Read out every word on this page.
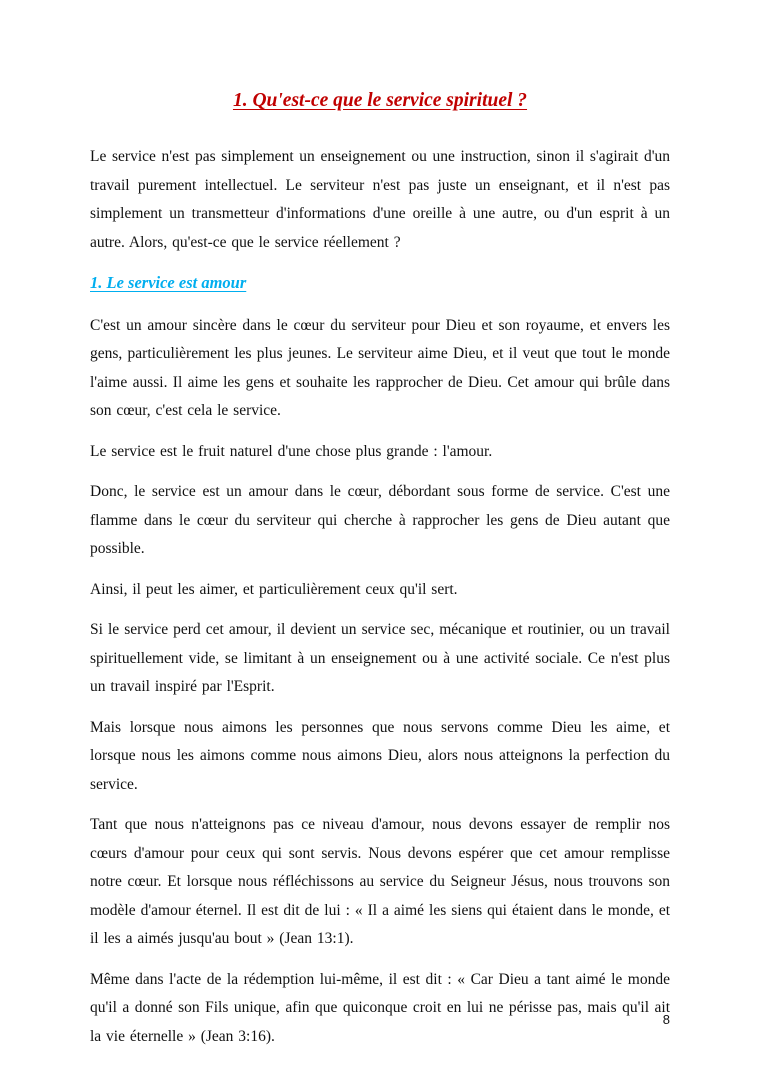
1. Qu'est-ce que le service spirituel ?

Le service n'est pas simplement un enseignement ou une instruction, sinon il s'agirait d'un travail purement intellectuel. Le serviteur n'est pas juste un enseignant, et il n'est pas simplement un transmetteur d'informations d'une oreille à une autre, ou d'un esprit à un autre. Alors, qu'est-ce que le service réellement ?

1. Le service est amour

C'est un amour sincère dans le cœur du serviteur pour Dieu et son royaume, et envers les gens, particulièrement les plus jeunes. Le serviteur aime Dieu, et il veut que tout le monde l'aime aussi. Il aime les gens et souhaite les rapprocher de Dieu. Cet amour qui brûle dans son cœur, c'est cela le service.

Le service est le fruit naturel d'une chose plus grande : l'amour.

Donc, le service est un amour dans le cœur, débordant sous forme de service. C'est une flamme dans le cœur du serviteur qui cherche à rapprocher les gens de Dieu autant que possible.

Ainsi, il peut les aimer, et particulièrement ceux qu'il sert.

Si le service perd cet amour, il devient un service sec, mécanique et routinier, ou un travail spirituellement vide, se limitant à un enseignement ou à une activité sociale. Ce n'est plus un travail inspiré par l'Esprit.

Mais lorsque nous aimons les personnes que nous servons comme Dieu les aime, et lorsque nous les aimons comme nous aimons Dieu, alors nous atteignons la perfection du service.

Tant que nous n'atteignons pas ce niveau d'amour, nous devons essayer de remplir nos cœurs d'amour pour ceux qui sont servis. Nous devons espérer que cet amour remplisse notre cœur. Et lorsque nous réfléchissons au service du Seigneur Jésus, nous trouvons son modèle d'amour éternel. Il est dit de lui : « Il a aimé les siens qui étaient dans le monde, et il les a aimés jusqu'au bout » (Jean 13:1).

Même dans l'acte de la rédemption lui-même, il est dit : « Car Dieu a tant aimé le monde qu'il a donné son Fils unique, afin que quiconque croit en lui ne périsse pas, mais qu'il ait la vie éternelle » (Jean 3:16).

8
